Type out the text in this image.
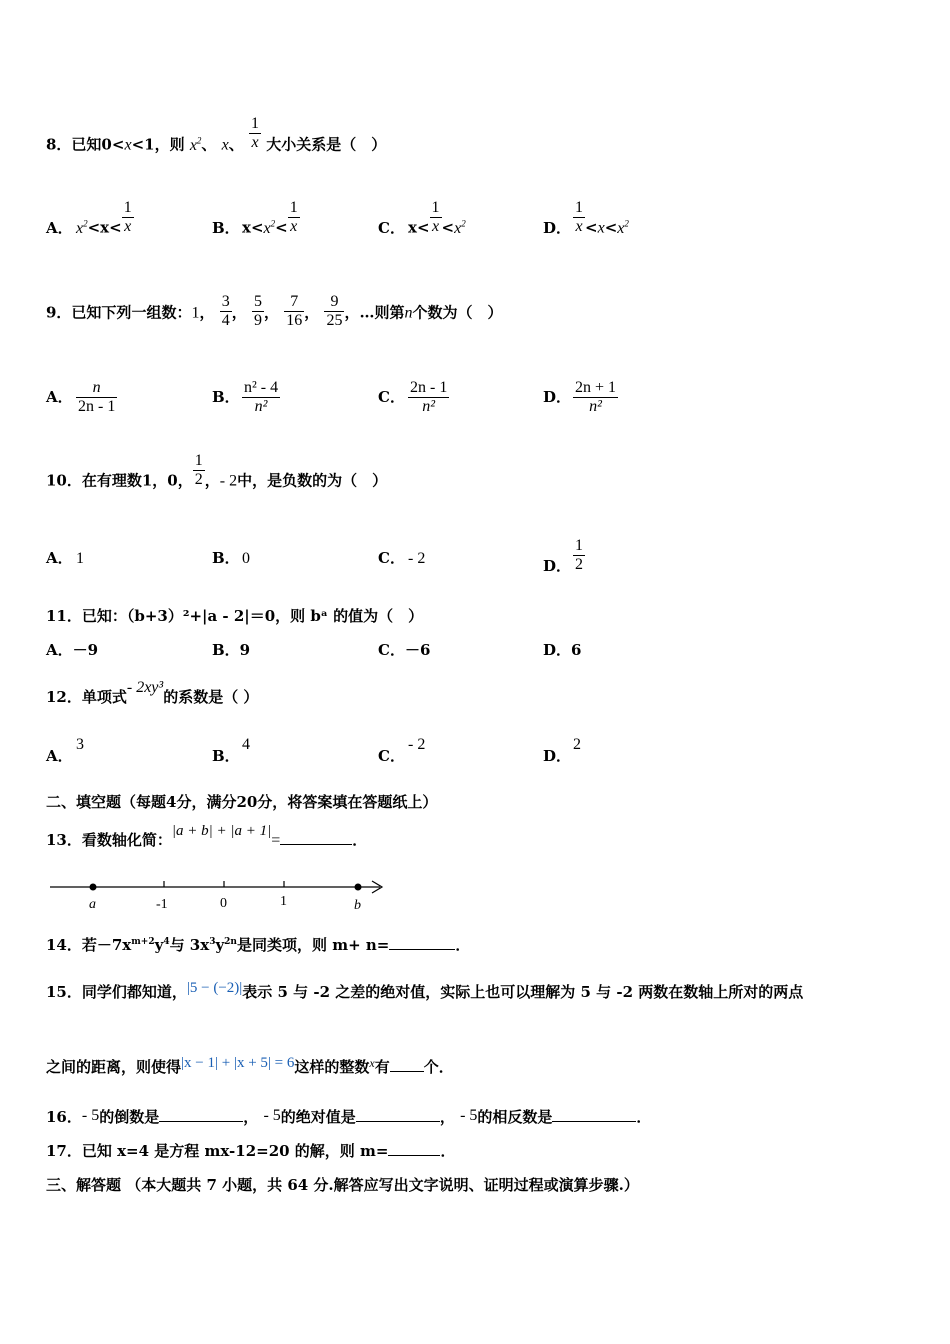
8．已知0<x<1，则 $x^2$、 x、 $\frac{1}{x}$ 大小关系是（　）
A． $x^2<x< \frac{1}{x}$	B． $x<x^2< \frac{1}{x}$	C． $x< \frac{1}{x} <x^2$	D． $\frac{1}{x} <x<x^2$
9．已知下列一组数：1， $\frac{3}{4}$ ， $\frac{5}{9}$ ， $\frac{7}{16}$ ， $\frac{9}{25}$ ，…则第n个数为（　）
A． $\frac{n}{2n - 1}$	B． $\frac{\text{n² - 4}}{\text{n²}}$	C． $\frac{2n - 1}{\text{n²}}$	D． $\frac{2n + 1}{\text{n²}}$
10．在有理数1，0， $\frac{1}{2}$ ，- 2中，是负数的为（　）
A． 1	B． 0	C． - 2	D． $\frac{1}{2}$
11．已知：（b+3）²+|a - 2|＝0，则 bᵃ 的值为（　）
A．－9	B．9	C．－6	D．6
12．单项式- 2xy³的系数是（ ）
A．3
B．4
C．- 2
D．2
二、填空题（每题4分，满分20分，将答案填在答题纸上）
13．看数轴化简：|a + b| + |a + 1|=	．
a	-1	0	1	b
14．若$-7x^{m+2}y^4$与 $3x^3y^{2n}$是同类项，则 m+ n=	．
15．同学们都知道，|5 − (−2)|表示 5 与 -2 之差的绝对值，实际上也可以理解为 5 与 -2 两数在数轴上所对的两点
之间的距离，则使得|x − 1| + |x + 5| = 6这样的整数$^x$有 个．
16．- 5的倒数是	， - 5的绝对值是	， - 5的相反数是	．
17．已知 x=4 是方程 mx-12=20 的解，则 m=	．
三、解答题 （本大题共 7 小题，共 64 分.解答应写出文字说明、证明过程或演算步骤.）
